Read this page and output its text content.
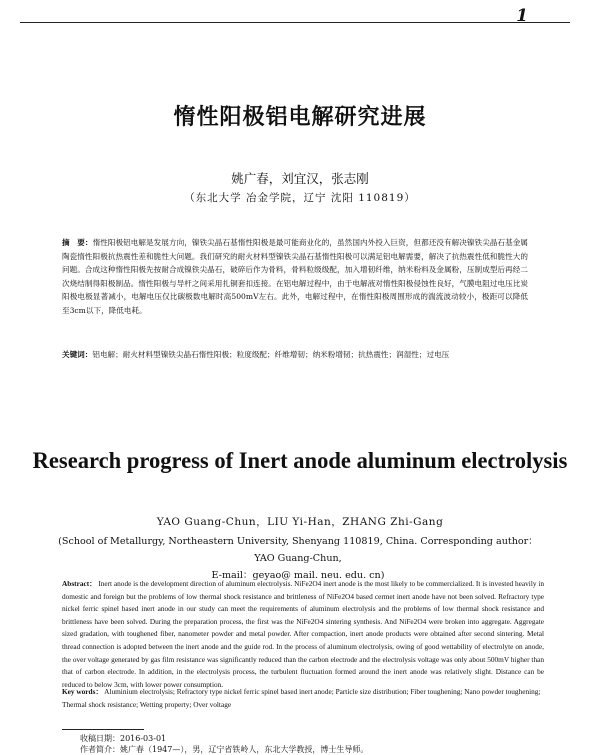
1
惰性阳极铝电解研究进展
姚广春，刘宜汉，张志刚
（东北大学 冶金学院，辽宁 沈阳 110819）
摘　要：惰性阳极铝电解是发展方向，镍铁尖晶石基惰性阳极是最可能商业化的，虽然国内外投入巨资，但都还没有解决镍铁尖晶石基金属陶瓷惰性阳极抗热震性差和脆性大问题。我们研究的耐火材料型镍铁尖晶石基惰性阳极可以满足铝电解需要，解决了抗热震性低和脆性大的问题。合成这种惰性阳极先按耐合成镍铁尖晶石，破碎后作为骨料，骨料粒级级配，加入增韧纤维，纳米粉料及金属粉，压制成型后再经二次烧结制得阳极制品。惰性阳极与导杆之间采用扎铜套扣连接。在铝电解过程中，由于电解液对惰性阳极侵蚀性良好，气膜电阻过电压比炭阳极电极显著减小，电解电压仅比碳极数电解时高500mV左右。此外，电解过程中，在惰性阳极周围形成的湍流波动较小，极距可以降低至3cm以下，降低电耗。
关键词：铝电解；耐火材料型镍铁尖晶石惰性阳极；粒度级配；纤维增韧；纳米粉增韧；抗热震性；润湿性；过电压
Research progress of Inert anode aluminum electrolysis
YAO Guang-Chun，LIU Yi-Han，ZHANG Zhi-Gang
(School of Metallurgy, Northeastern University, Shenyang 110819, China. Corresponding author：YAO Guang-Chun,
E-mail：geyao@ mail. neu. edu. cn)
Abstract： Inert anode is the development direction of aluminum electrolysis. NiFe2O4 inert anode is the most likely to be commercialized. It is invested heavily in domestic and foreign but the problems of low thermal shock resistance and brittleness of NiFe2O4 based cermet inert anode have not been solved. Refractory type nickel ferric spinel based inert anode in our study can meet the requirements of aluminum electrolysis and the problems of low thermal shock resistance and brittleness have been solved. During the preparation process, the first was the NiFe2O4 sintering synthesis. And NiFe2O4 were broken into aggregate. Aggregate sized gradation, with toughened fiber, nanometer powder and metal powder. After compaction, inert anode products were obtained after second sintering. Metal thread connection is adopted between the inert anode and the guide rod. In the process of aluminum electrolysis, owing of good wettability of electrolyte on anode, the over voltage generated by gas film resistance was significantly reduced than the carbon electrode and the electrolysis voltage was only about 500mV higher than that of carbon electrode. In addition, in the electrolysis process, the turbulent fluctuation formed around the inert anode was relatively slight. Distance can be reduced to below 3cm, with lower power consumption.
Key words： Aluminium electrolysis; Refractory type nickel ferric spinel based inert anode; Particle size distribution; Fiber toughening; Nano powder toughening; Thermal shock resistance; Wetting property; Over voltage
收稿日期：2016-03-01
作者简介：姚广春（1947—），男，辽宁省铁岭人，东北大学教授，博士生导师。
